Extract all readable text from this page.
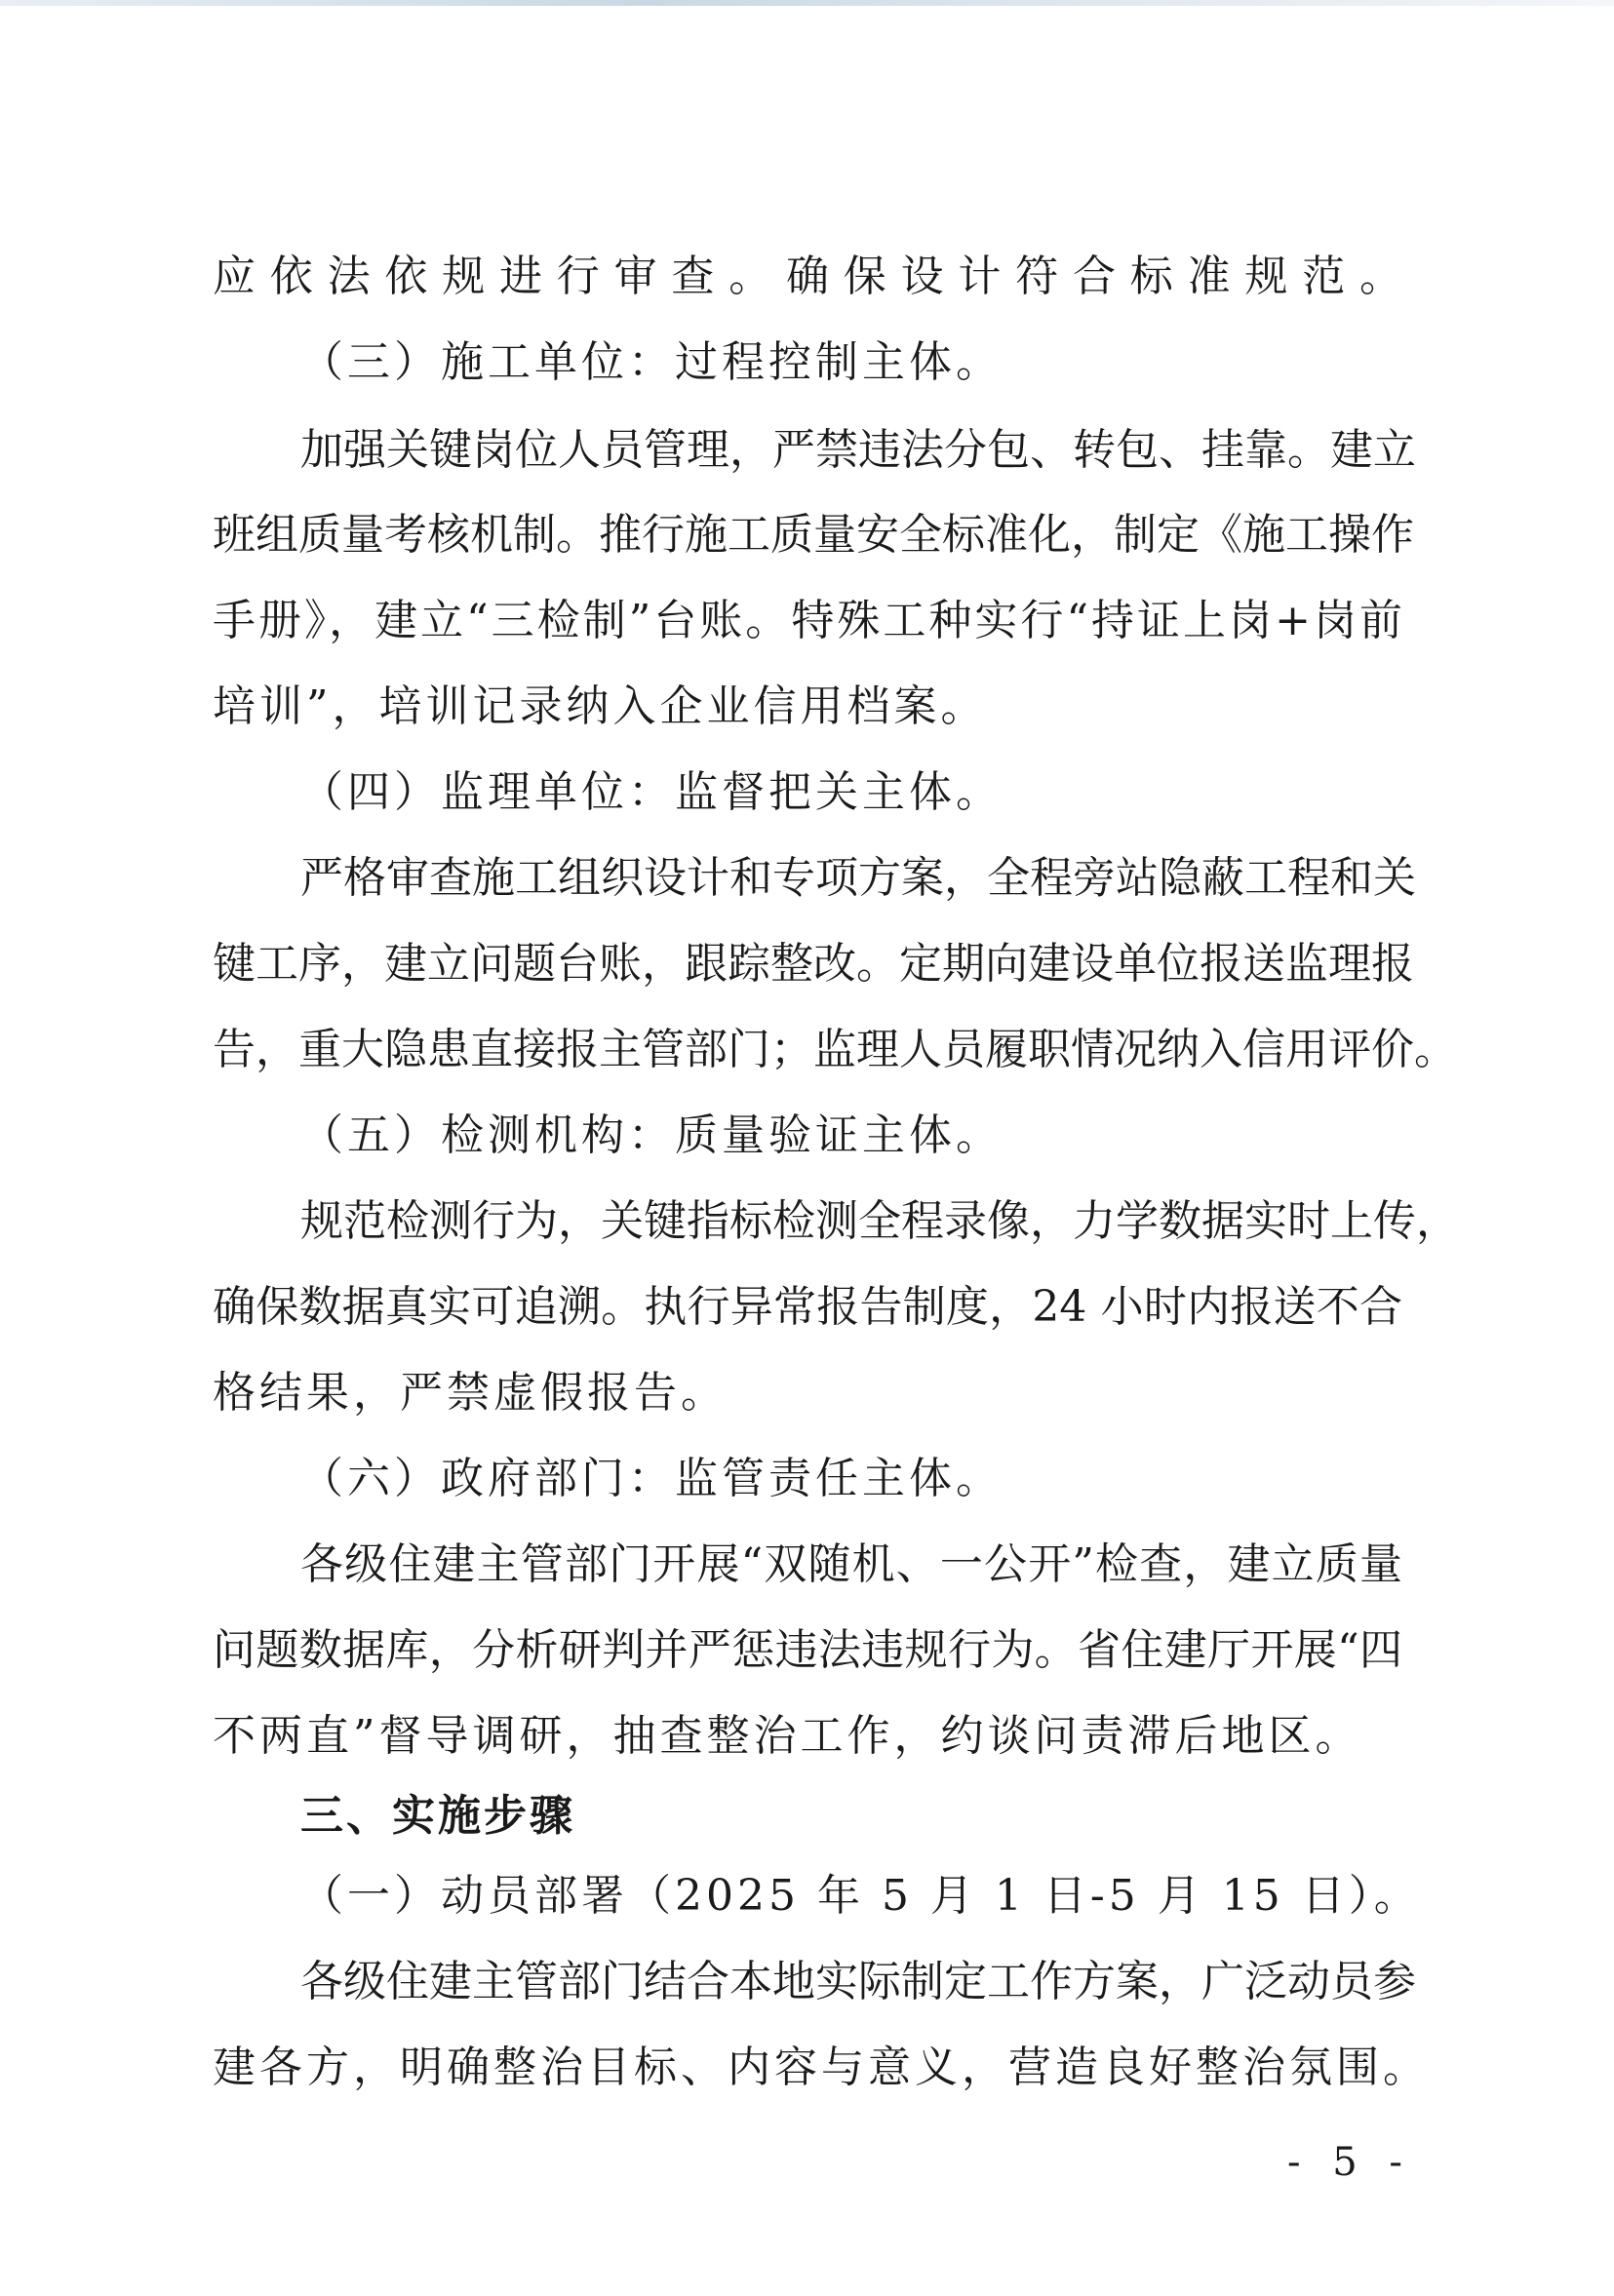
应依法依规进行审查。确保设计符合标准规范。
（三）施工单位：过程控制主体。
加强关键岗位人员管理，严禁违法分包、转包、挂靠。建立
班组质量考核机制。推行施工质量安全标准化，制定《施工操作
手册》，建立“三检制”台账。特殊工种实行“持证上岗+岗前
培训”，培训记录纳入企业信用档案。
（四）监理单位：监督把关主体。
严格审查施工组织设计和专项方案，全程旁站隐蔽工程和关
键工序，建立问题台账，跟踪整改。定期向建设单位报送监理报
告，重大隐患直接报主管部门；监理人员履职情况纳入信用评价。
（五）检测机构：质量验证主体。
规范检测行为，关键指标检测全程录像，力学数据实时上传，
确保数据真实可追溯。执行异常报告制度，24 小时内报送不合
格结果，严禁虚假报告。
（六）政府部门：监管责任主体。
各级住建主管部门开展“双随机、一公开”检查，建立质量
问题数据库，分析研判并严惩违法违规行为。省住建厅开展“四
不两直”督导调研，抽查整治工作，约谈问责滞后地区。
三、实施步骤
（一）动员部署（2025 年 5 月 1 日-5 月 15 日）。
各级住建主管部门结合本地实际制定工作方案，广泛动员参
建各方，明确整治目标、内容与意义，营造良好整治氛围。
- 5 -
